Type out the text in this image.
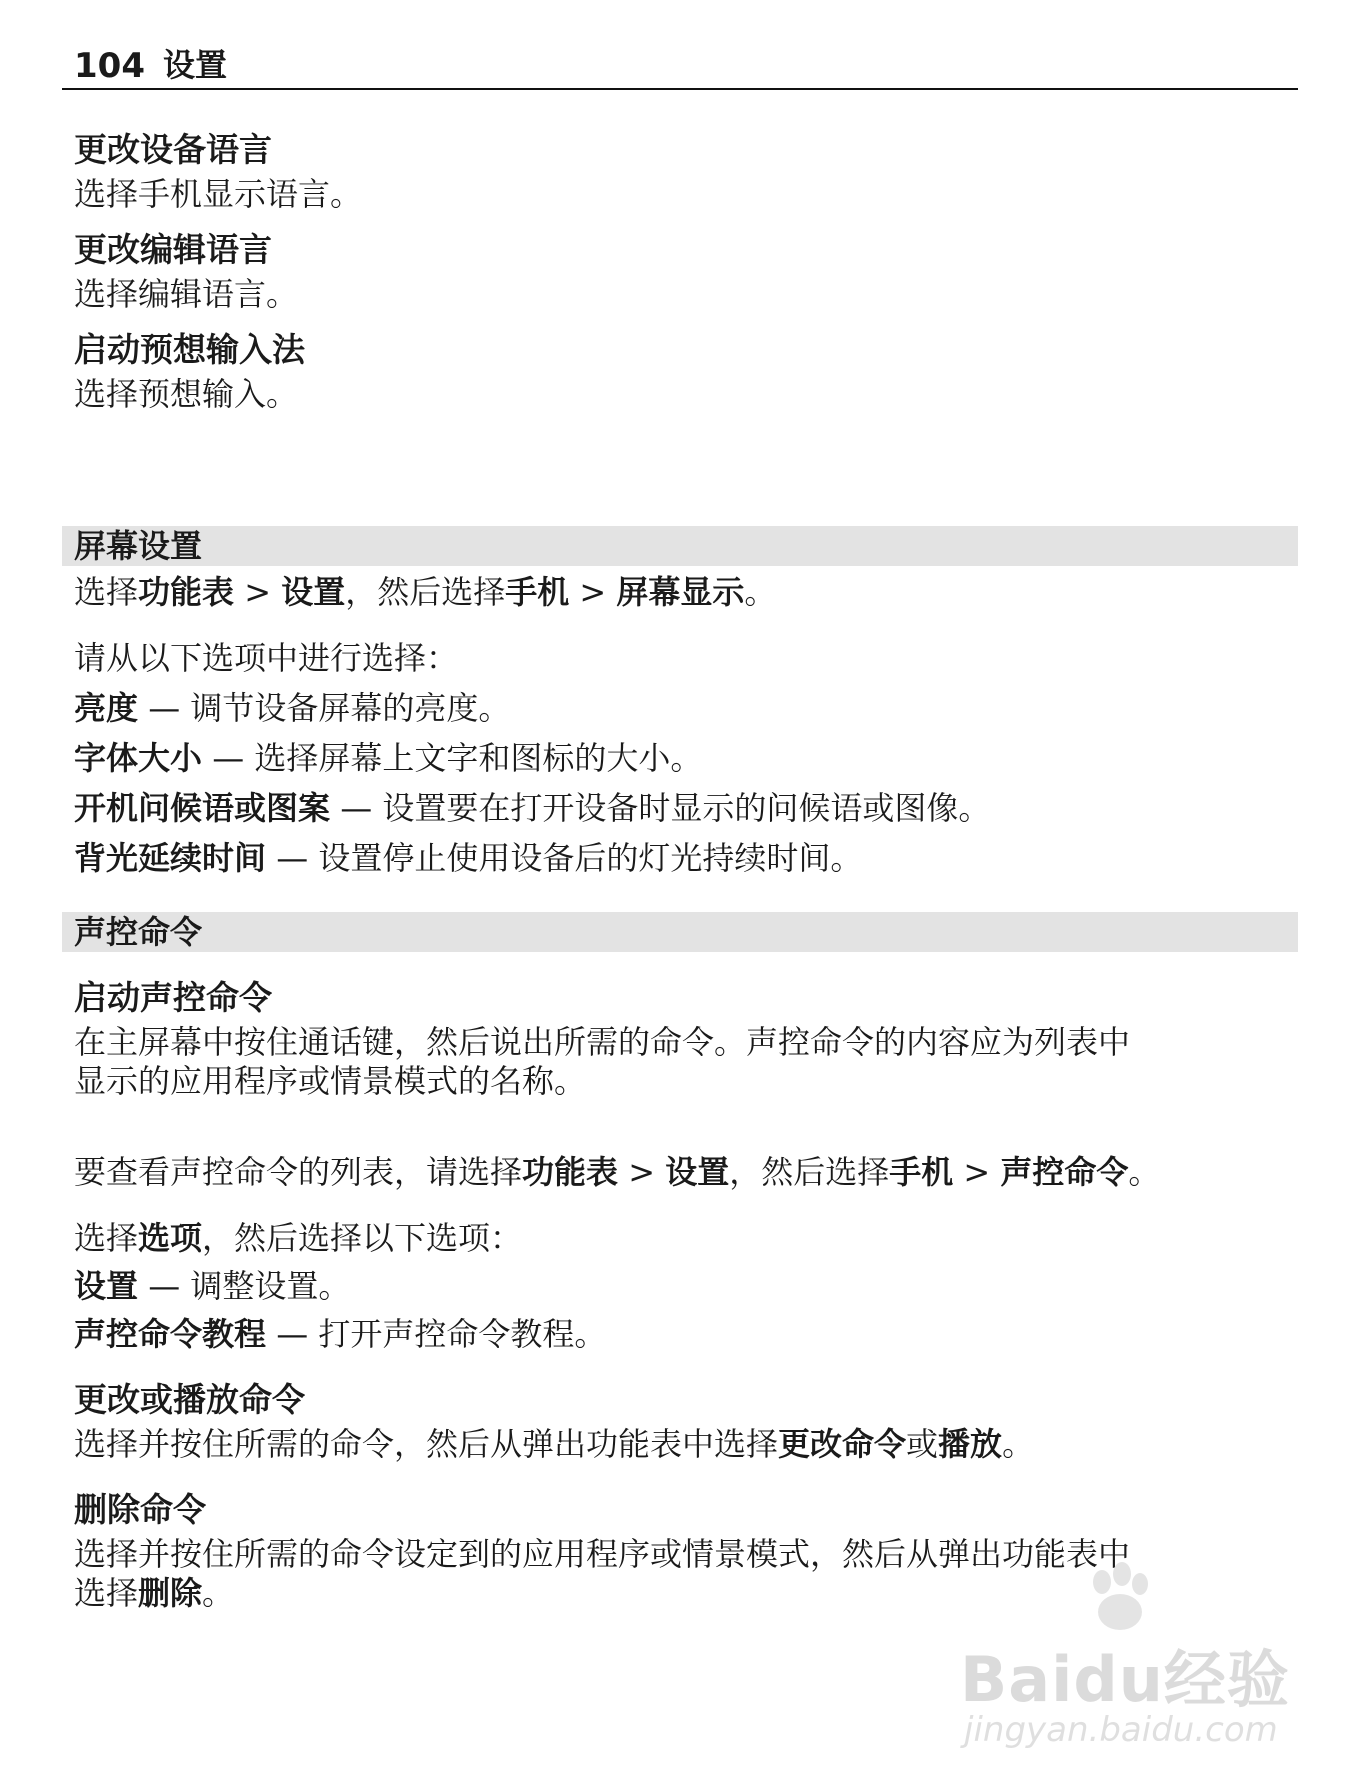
104 设置

更改设备语言

选择手机显示语言。

更改编辑语言

选择编辑语言。

启动预想输入法

选择预想输入。

屏幕设置

选择功能表 > 设置，然后选择手机 > 屏幕显示。

请从以下选项中进行选择：

亮度 — 调节设备屏幕的亮度。

字体大小 — 选择屏幕上文字和图标的大小。

开机问候语或图案 — 设置要在打开设备时显示的问候语或图像。

背光延续时间 — 设置停止使用设备后的灯光持续时间。

声控命令

启动声控命令

在主屏幕中按住通话键，然后说出所需的命令。声控命令的内容应为列表中

显示的应用程序或情景模式的名称。

要查看声控命令的列表，请选择功能表 > 设置，然后选择手机 > 声控命令。

选择选项，然后选择以下选项：

设置 — 调整设置。

声控命令教程 — 打开声控命令教程。

更改或播放命令

选择并按住所需的命令，然后从弹出功能表中选择更改命令或播放。

删除命令

选择并按住所需的命令设定到的应用程序或情景模式，然后从弹出功能表中

选择删除。

Baidu经验
jingyan.baidu.com
